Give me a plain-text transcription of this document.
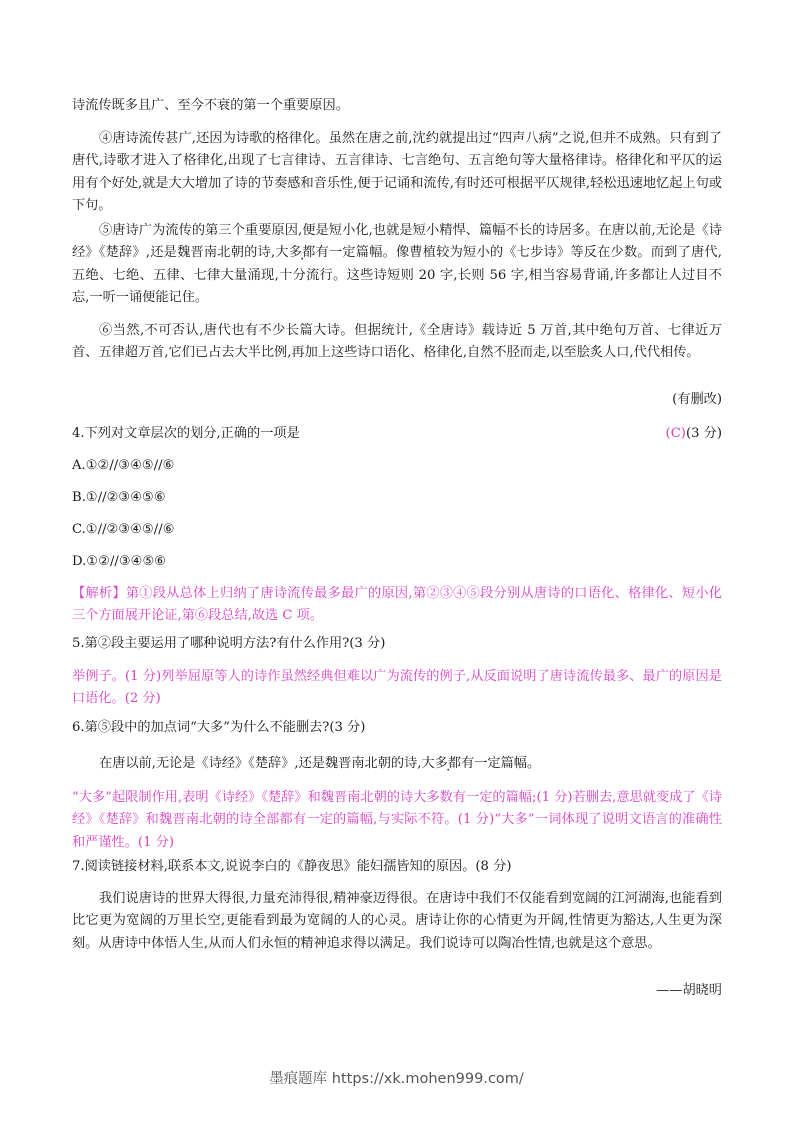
诗流传既多且广、至今不衰的第一个重要原因。
④唐诗流传甚广,还因为诗歌的格律化。虽然在唐之前,沈约就提出过“四声八病”之说,但并不成熟。只有到了唐代,诗歌才进入了格律化,出现了七言律诗、五言律诗、七言绝句、五言绝句等大量格律诗。格律化和平仄的运用有个好处,就是大大增加了诗的节奏感和音乐性,便于记诵和流传,有时还可根据平仄规律,轻松迅速地忆起上句或下句。
⑤唐诗广为流传的第三个重要原因,便是短小化,也就是短小精悍、篇幅不长的诗居多。在唐以前,无论是《诗经》《楚辞》,还是魏晋南北朝的诗,大多都有一定篇幅。像曹植较为短小的《七步诗》等反在少数。而到了唐代,五绝、七绝、五律、七律大量涌现,十分流行。这些诗短则 20 字,长则 56 字,相当容易背诵,许多都让人过目不忘,一听一诵便能记住。
⑥当然,不可否认,唐代也有不少长篇大诗。但据统计,《全唐诗》载诗近 5 万首,其中绝句万首、七律近万首、五律超万首,它们已占去大半比例,再加上这些诗口语化、格律化,自然不胫而走,以至脍炙人口,代代相传。
(有删改)
4.下列对文章层次的划分,正确的一项是	(C)(3 分)
A.①②//③④⑤//⑥
B.①//②③④⑤⑥
C.①//②③④⑤//⑥
D.①②//③④⑤⑥
【解析】第①段从总体上归纳了唐诗流传最多最广的原因,第②③④⑤段分别从唐诗的口语化、格律化、短小化三个方面展开论证,第⑥段总结,故选 C 项。
5.第②段主要运用了哪种说明方法?有什么作用?(3 分)
举例子。(1 分)列举屈原等人的诗作虽然经典但难以广为流传的例子,从反面说明了唐诗流传最多、最广的原因是口语化。(2 分)
6.第⑤段中的加点词“大多”为什么不能删去?(3 分)
在唐以前,无论是《诗经》《楚辞》,还是魏晋南北朝的诗,大多都有一定篇幅。
“大多”起限制作用,表明《诗经》《楚辞》和魏晋南北朝的诗大多数有一定的篇幅;(1 分)若删去,意思就变成了《诗经》《楚辞》和魏晋南北朝的诗全部都有一定的篇幅,与实际不符。(1 分)“大多”一词体现了说明文语言的准确性和严谨性。(1 分)
7.阅读链接材料,联系本文,说说李白的《静夜思》能妇孺皆知的原因。(8 分)
我们说唐诗的世界大得很,力量充沛得很,精神豪迈得很。在唐诗中我们不仅能看到宽阔的江河湖海,也能看到比它更为宽阔的万里长空,更能看到最为宽阔的人的心灵。唐诗让你的心情更为开阔,性情更为豁达,人生更为深刻。从唐诗中体悟人生,从而人们永恒的精神追求得以满足。我们说诗可以陶冶性情,也就是这个意思。
——胡晓明
墨痕题库 https://xk.mohen999.com/
